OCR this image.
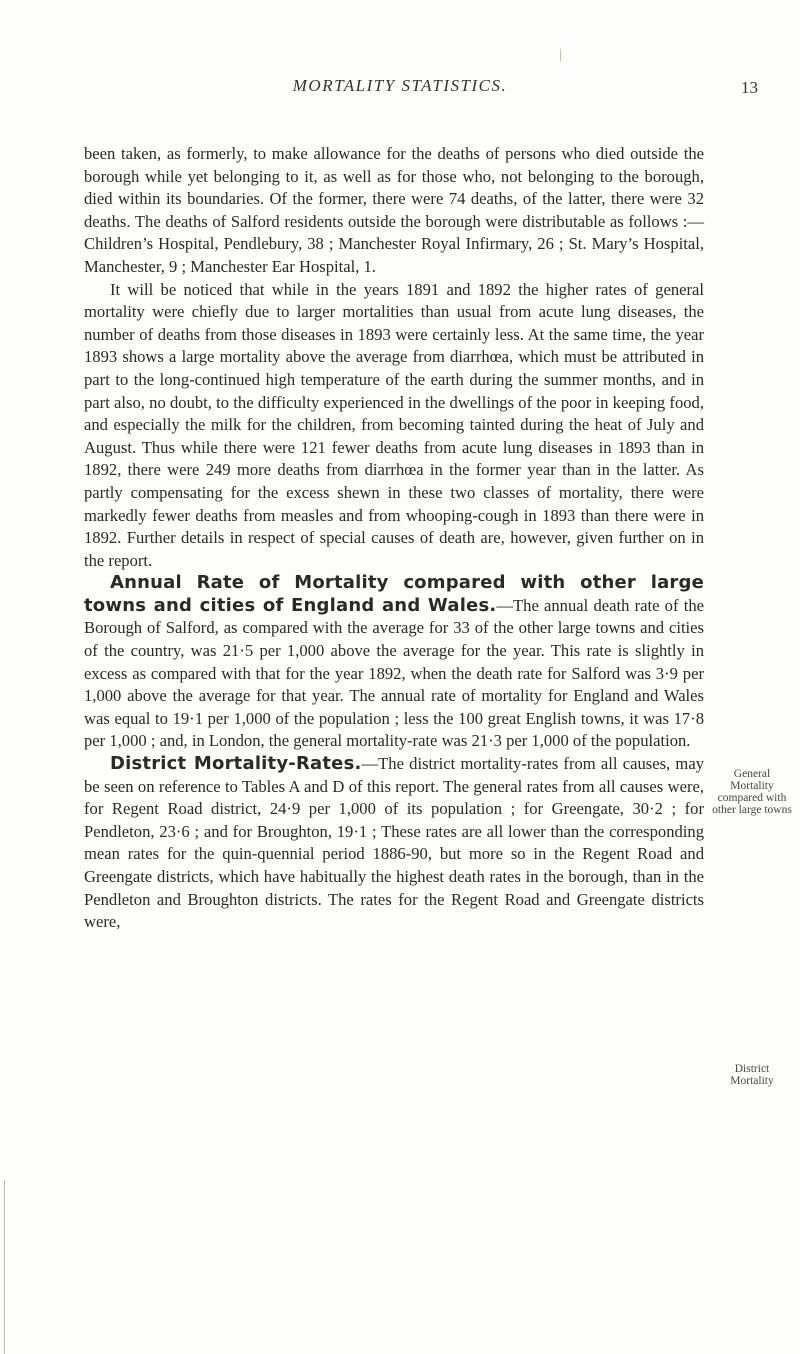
⁄
MORTALITY STATISTICS.	13

been taken, as formerly, to make allowance for the deaths of persons who died outside the borough while yet belonging to it, as well as for those who, not belonging to the borough, died within its boundaries. Of the former, there were 74 deaths, of the latter, there were 32 deaths. The deaths of Salford residents outside the borough were distributable as follows :—Children’s Hospital, Pendlebury, 38 ; Manchester Royal Infirmary, 26 ; St. Mary’s Hospital, Manchester, 9 ; Manchester Ear Hospital, 1.

It will be noticed that while in the years 1891 and 1892 the higher rates of general mortality were chiefly due to larger mortalities than usual from acute lung diseases, the number of deaths from those diseases in 1893 were certainly less. At the same time, the year 1893 shows a large mortality above the average from diarrhœa, which must be attributed in part to the long-continued high temperature of the earth during the summer months, and in part also, no doubt, to the difficulty experienced in the dwellings of the poor in keeping food, and especially the milk for the children, from becoming tainted during the heat of July and August. Thus while there were 121 fewer deaths from acute lung diseases in 1893 than in 1892, there were 249 more deaths from diarrhœa in the former year than in the latter. As partly compensating for the excess shewn in these two classes of mortality, there were markedly fewer deaths from measles and from whooping-cough in 1893 than there were in 1892. Further details in respect of special causes of death are, however, given further on in the report.

Annual Rate of Mortality compared with other large towns and cities of England and Wales.—The annual death rate of the Borough of Salford, as compared with the average for 33 of the other large towns and cities of the country, was 21·5 per 1,000 above the average for the year. This rate is slightly in excess as compared with that for the year 1892, when the death rate for Salford was 3·9 per 1,000 above the average for that year. The annual rate of mortality for England and Wales was equal to 19·1 per 1,000 of the population ; less the 100 great English towns, it was 17·8 per 1,000 ; and, in London, the general mortality-rate was 21·3 per 1,000 of the population.

District Mortality-Rates.—The district mortality-rates from all causes, may be seen on reference to Tables A and D of this report. The general rates from all causes were, for Regent Road district, 24·9 per 1,000 of its population ; for Greengate, 30·2 ; for Pendleton, 23·6 ; and for Broughton, 19·1 ; These rates are all lower than the corresponding mean rates for the quin-quennial period 1886-90, but more so in the Regent Road and Greengate districts, which have habitually the highest death rates in the borough, than in the Pendleton and Broughton districts. The rates for the Regent Road and Greengate districts were,

General Mortality compared with other large towns
District Mortality
